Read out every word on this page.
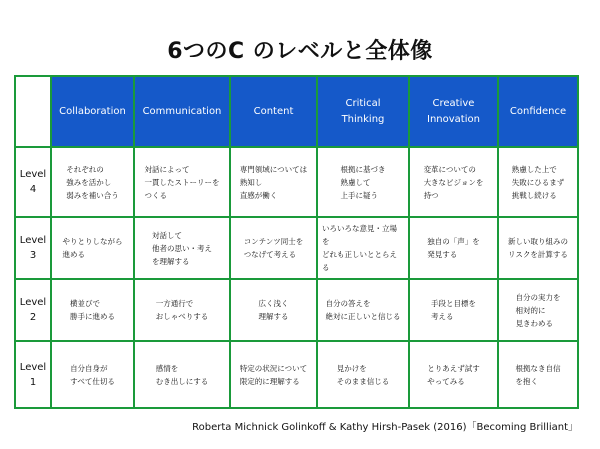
6つのC のレベルと全体像
Collaboration Communication	Content
Critical
Thinking
Creative
Innovation
Confidence
Level
4
それぞれの
強みを活かし
弱みを補い合う
対話によって
一貫したストーリーを
つくる
専門領域については
熟知し
直感が働く
根拠に基づき
熟慮して
上手に疑う
変革についての
大きなビジョンを
持つ
熟慮した上で
失敗にひるまず
挑戦し続ける
Level
3
やりとりしながら
進める
対話して
他者の思い・考え
を理解する
コンテンツ同士を
つなげて考える
いろいろな意見・立場を
どれも正しいととらえる
独自の「声」を
発見する
新しい取り組みの
リスクを計算する
Level
2
横並びで
勝手に進める
一方通行で
おしゃべりする
広く浅く
理解する
自分の答えを
絶対に正しいと信じる
手段と目標を
考える
自分の実力を
相対的に
見きわめる
Level
1
自分自身が
すべて仕切る
感情を
むき出しにする
特定の状況について
限定的に理解する
見かけを
そのまま信じる
とりあえず試す
やってみる
根拠なき自信
を抱く
Roberta Michnick Golinkoff & Kathy Hirsh-Pasek (2016)「Becoming Brilliant」
